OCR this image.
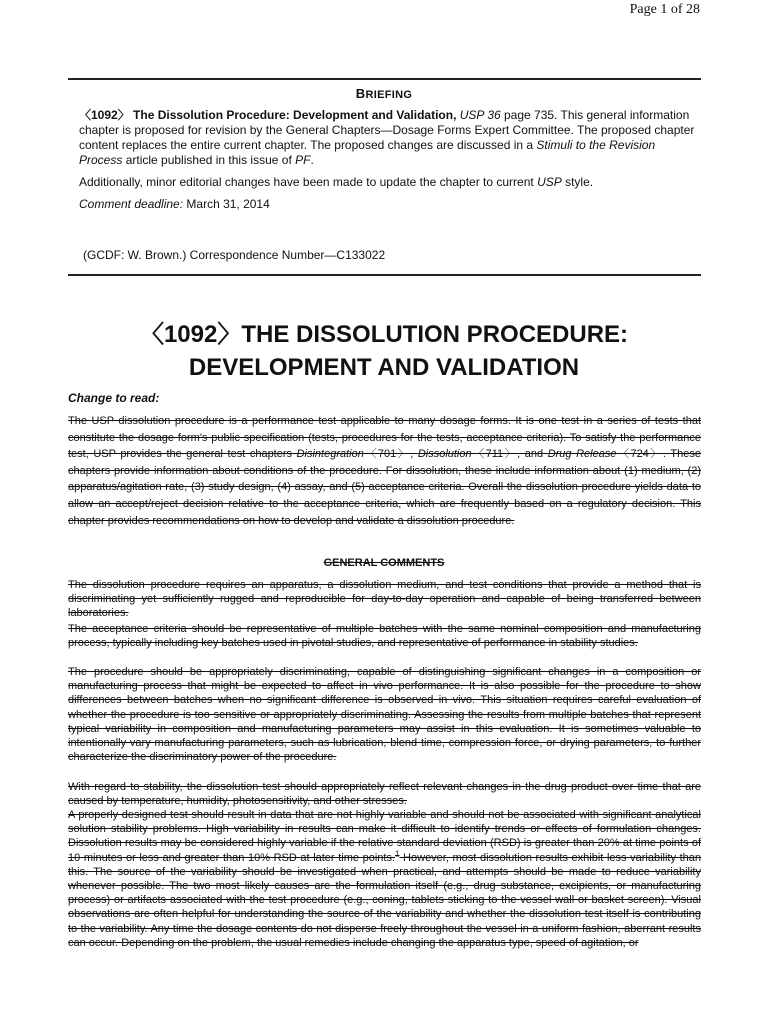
Page 1 of 28
BRIEFING
〈1092〉 The Dissolution Procedure: Development and Validation, USP 36 page 735. This general information chapter is proposed for revision by the General Chapters—Dosage Forms Expert Committee. The proposed chapter content replaces the entire current chapter. The proposed changes are discussed in a Stimuli to the Revision Process article published in this issue of PF.
Additionally, minor editorial changes have been made to update the chapter to current USP style.
Comment deadline: March 31, 2014
(GCDF: W. Brown.) Correspondence Number—C133022
〈1092〉THE DISSOLUTION PROCEDURE:
DEVELOPMENT AND VALIDATION
Change to read:

The USP dissolution procedure is a performance test applicable to many dosage forms. It is one test in a series of tests that constitute the dosage form's public specification (tests, procedures for the tests, acceptance criteria). To satisfy the performance test, USP provides the general test chapters Disintegration〈701〉, Dissolution〈711〉, and Drug Release〈724〉. These chapters provide information about conditions of the procedure. For dissolution, these include information about (1) medium, (2) apparatus/agitation rate, (3) study design, (4) assay, and (5) acceptance criteria. Overall the dissolution procedure yields data to allow an accept/reject decision relative to the acceptance criteria, which are frequently based on a regulatory decision. This chapter provides recommendations on how to develop and validate a dissolution procedure.

GENERAL COMMENTS

The dissolution procedure requires an apparatus, a dissolution medium, and test conditions that provide a method that is discriminating yet sufficiently rugged and reproducible for day-to-day operation and capable of being transferred between laboratories.

The acceptance criteria should be representative of multiple batches with the same nominal composition and manufacturing process, typically including key batches used in pivotal studies, and representative of performance in stability studies.

The procedure should be appropriately discriminating, capable of distinguishing significant changes in a composition or manufacturing process that might be expected to affect in vivo performance. It is also possible for the procedure to show differences between batches when no significant difference is observed in vivo. This situation requires careful evaluation of whether the procedure is too sensitive or appropriately discriminating. Assessing the results from multiple batches that represent typical variability in composition and manufacturing parameters may assist in this evaluation. It is sometimes valuable to intentionally vary manufacturing parameters, such as lubrication, blend time, compression force, or drying parameters, to further characterize the discriminatory power of the procedure.

With regard to stability, the dissolution test should appropriately reflect relevant changes in the drug product over time that are caused by temperature, humidity, photosensitivity, and other stresses.

A properly designed test should result in data that are not highly variable and should not be associated with significant analytical solution stability problems. High variability in results can make it difficult to identify trends or effects of formulation changes. Dissolution results may be considered highly variable if the relative standard deviation (RSD) is greater than 20% at time points of 10 minutes or less and greater than 10% RSD at later time points.$^1$ However, most dissolution results exhibit less variability than this. The source of the variability should be investigated when practical, and attempts should be made to reduce variability whenever possible. The two most likely causes are the formulation itself (e.g., drug substance, excipients, or manufacturing process) or artifacts associated with the test procedure (e.g., coning, tablets sticking to the vessel wall or basket screen). Visual observations are often helpful for understanding the source of the variability and whether the dissolution test itself is contributing to the variability. Any time the dosage contents do not disperse freely throughout the vessel in a uniform fashion, aberrant results can occur. Depending on the problem, the usual remedies include changing the apparatus type, speed of agitation, or
